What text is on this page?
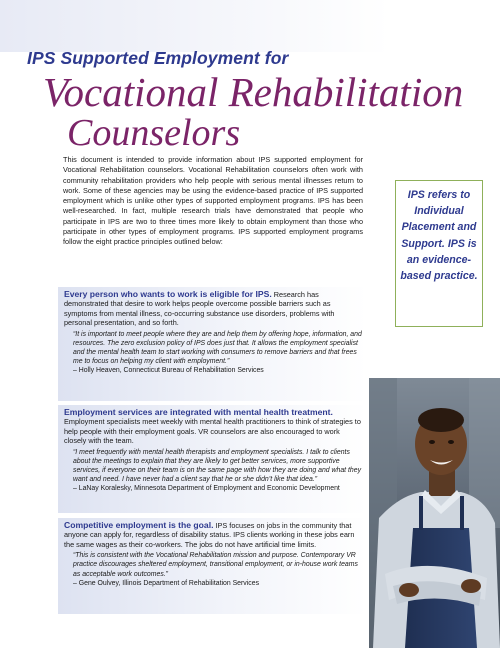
IPS Supported Employment for
Vocational Rehabilitation
Counselors

This document is intended to provide information about IPS supported employment for Vocational Rehabilitation counselors. Vocational Rehabilitation counselors often work with community rehabilitation providers who help people with serious mental illnesses return to work. Some of these agencies may be using the evidence-based practice of IPS supported employment which is unlike other types of supported employment programs. IPS has been well-researched. In fact, multiple research trials have demonstrated that people who participate in IPS are two to three times more likely to obtain employment than those who participate in other types of employment programs. IPS supported employment programs follow the eight practice principles outlined below:

IPS refers to Individual Placement and Support. IPS is an evidence-based practice.

Every person who wants to work is eligible for IPS. Research has demonstrated that desire to work helps people overcome possible barriers such as symptoms from mental illness, co-occurring substance use disorders, problems with personal presentation, and so forth.

“It is important to meet people where they are and help them by offering hope, information, and resources. The zero exclusion policy of IPS does just that. It allows the employment specialist and the mental health team to start working with consumers to remove barriers and that frees me to focus on helping my client with employment.”

– Holly Heaven, Connecticut Bureau of Rehabilitation Services

Employment services are integrated with mental health treatment. Employment specialists meet weekly with mental health practitioners to think of strategies to help people with their employment goals. VR counselors are also encouraged to work closely with the team.

“I meet frequently with mental health therapists and employment specialists. I talk to clients about the meetings to explain that they are likely to get better services, more supportive services, if everyone on their team is on the same page with how they are doing and what they want and need. I have never had a client say that he or she didn’t like that idea.”

– LaNay Koralesky, Minnesota Department of Employment and Economic Development

Competitive employment is the goal. IPS focuses on jobs in the community that anyone can apply for, regardless of disability status. IPS clients working in these jobs earn the same wages as their co-workers. The jobs do not have artificial time limits.

“This is consistent with the Vocational Rehabilitation mission and purpose. Contemporary VR practice discourages sheltered employment, transitional employment, or in-house work teams as acceptable work outcomes.”

– Gene Oulvey, Illinois Department of Rehabilitation Services
